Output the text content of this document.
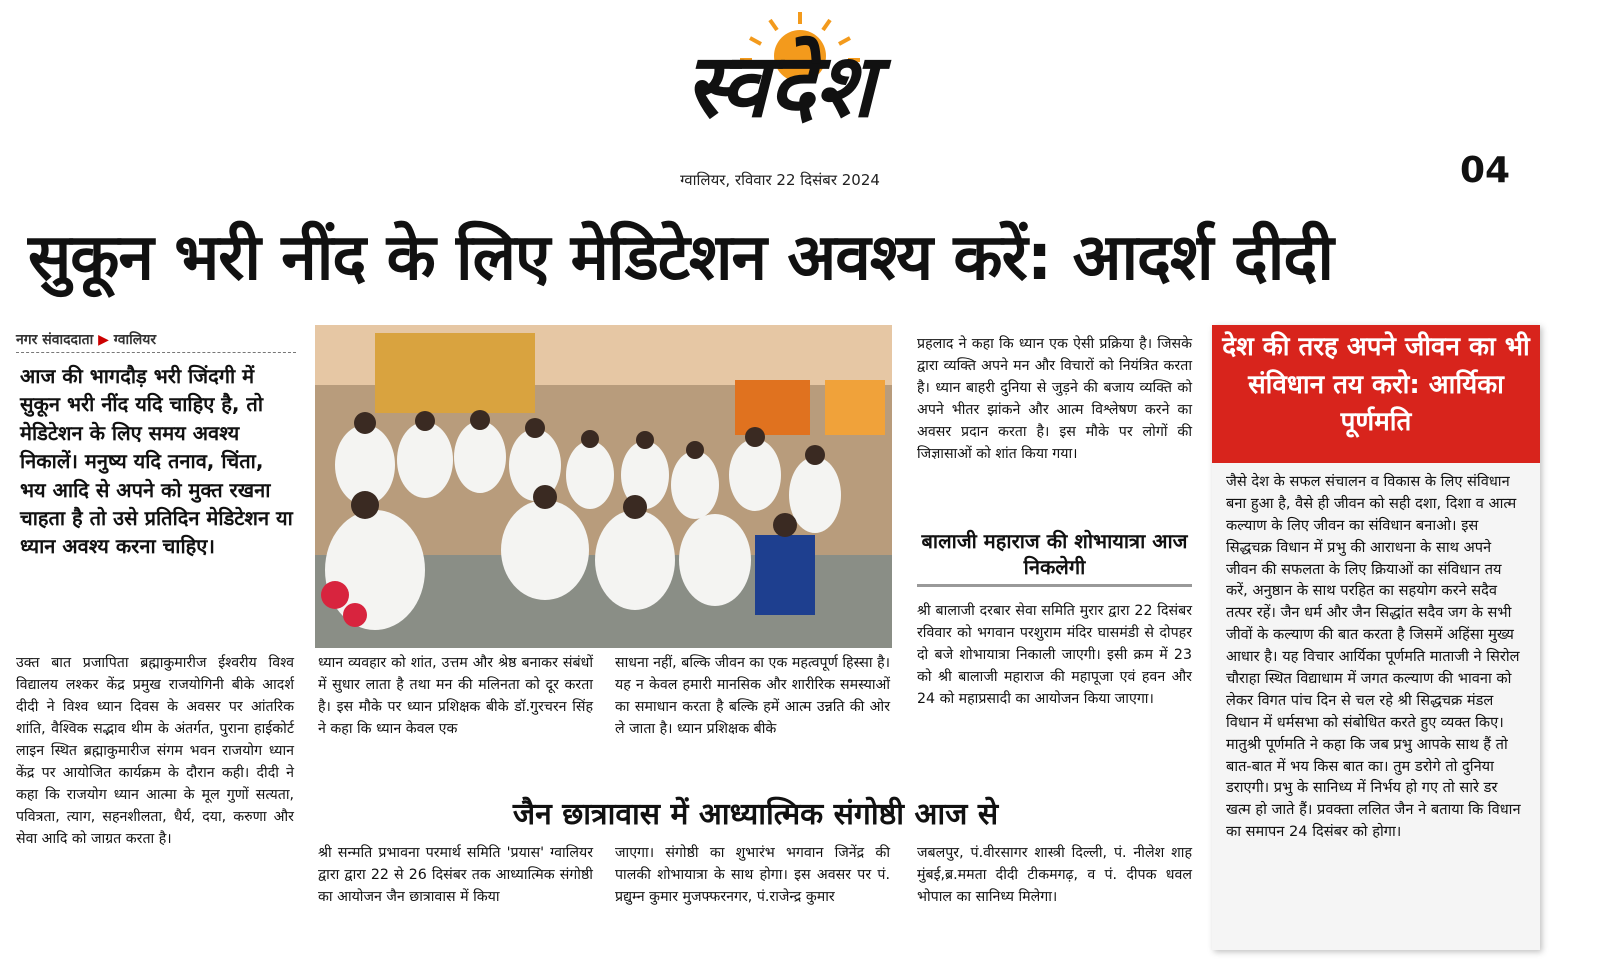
स्वदेश
ग्वालियर, रविवार 22 दिसंबर 2024	04
सुकून भरी नींद के लिए मेडिटेशन अवश्य करें: आदर्श दीदी
नगर संवाददाता ▶ ग्वालियर
आज की भागदौड़ भरी जिंदगी में सुकून भरी नींद यदि चाहिए है, तो मेडिटेशन के लिए समय अवश्य निकालें। मनुष्य यदि तनाव, चिंता, भय आदि से अपने को मुक्त रखना चाहता है तो उसे प्रतिदिन मेडिटेशन या ध्यान अवश्य करना चाहिए।
उक्त बात प्रजापिता ब्रह्माकुमारीज ईश्वरीय विश्व विद्यालय लश्कर केंद्र प्रमुख राजयोगिनी बीके आदर्श दीदी ने विश्व ध्यान दिवस के अवसर पर आंतरिक शांति, वैश्विक सद्भाव थीम के अंतर्गत, पुराना हाईकोर्ट लाइन स्थित ब्रह्माकुमारीज संगम भवन राजयोग ध्यान केंद्र पर आयोजित कार्यक्रम के दौरान कही। दीदी ने कहा कि राजयोग ध्यान आत्मा के मूल गुणों सत्यता, पवित्रता, त्याग, सहनशीलता, धैर्य, दया, करुणा और सेवा आदि को जाग्रत करता है।
ध्यान व्यवहार को शांत, उत्तम और श्रेष्ठ बनाकर संबंधों में सुधार लाता है तथा मन की मलिनता को दूर करता है। इस मौके पर ध्यान प्रशिक्षक बीके डॉ.गुरचरन सिंह ने कहा कि ध्यान केवल एक
साधना नहीं, बल्कि जीवन का एक महत्वपूर्ण हिस्सा है। यह न केवल हमारी मानसिक और शारीरिक समस्याओं का समाधान करता है बल्कि हमें आत्म उन्नति की ओर ले जाता है। ध्यान प्रशिक्षक बीके
प्रहलाद ने कहा कि ध्यान एक ऐसी प्रक्रिया है। जिसके द्वारा व्यक्ति अपने मन और विचारों को नियंत्रित करता है। ध्यान बाहरी दुनिया से जुड़ने की बजाय व्यक्ति को अपने भीतर झांकने और आत्म विश्लेषण करने का अवसर प्रदान करता है। इस मौके पर लोगों की जिज्ञासाओं को शांत किया गया।
बालाजी महाराज की शोभायात्रा आज निकलेगी
श्री बालाजी दरबार सेवा समिति मुरार द्वारा 22 दिसंबर रविवार को भगवान परशुराम मंदिर घासमंडी से दोपहर दो बजे शोभायात्रा निकाली जाएगी। इसी क्रम में 23 को श्री बालाजी महाराज की महापूजा एवं हवन और 24 को महाप्रसादी का आयोजन किया जाएगा।
जैन छात्रावास में आध्यात्मिक संगोष्ठी आज से
श्री सन्मति प्रभावना परमार्थ समिति 'प्रयास' ग्वालियर द्वारा द्वारा 22 से 26 दिसंबर तक आध्यात्मिक संगोष्ठी का आयोजन जैन छात्रावास में किया
जाएगा। संगोष्ठी का शुभारंभ भगवान जिनेंद्र की पालकी शोभायात्रा के साथ होगा। इस अवसर पर पं. प्रद्युम्न कुमार मुजफ्फरनगर, पं.राजेन्द्र कुमार
जबलपुर, पं.वीरसागर शास्त्री दिल्ली, पं. नीलेश शाह मुंबई,ब्र.ममता दीदी टीकमगढ़, व पं. दीपक धवल भोपाल का सानिध्य मिलेगा।
देश की तरह अपने जीवन का भी संविधान तय करो: आर्यिका पूर्णमति
जैसे देश के सफल संचालन व विकास के लिए संविधान बना हुआ है, वैसे ही जीवन को सही दशा, दिशा व आत्म कल्याण के लिए जीवन का संविधान बनाओ। इस सिद्धचक्र विधान में प्रभु की आराधना के साथ अपने जीवन की सफलता के लिए क्रियाओं का संविधान तय करें, अनुष्ठान के साथ परहित का सहयोग करने सदैव तत्पर रहें। जैन धर्म और जैन सिद्धांत सदैव जग के सभी जीवों के कल्याण की बात करता है जिसमें अहिंसा मुख्य आधार है। यह विचार आर्यिका पूर्णमति माताजी ने सिरोल चौराहा स्थित विद्याधाम में जगत कल्याण की भावना को लेकर विगत पांच दिन से चल रहे श्री सिद्धचक्र मंडल विधान में धर्मसभा को संबोधित करते हुए व्यक्त किए। मातुश्री पूर्णमति ने कहा कि जब प्रभु आपके साथ हैं तो बात-बात में भय किस बात का। तुम डरोगे तो दुनिया डराएगी। प्रभु के सानिध्य में निर्भय हो गए तो सारे डर खत्म हो जाते हैं। प्रवक्ता ललित जैन ने बताया कि विधान का समापन 24 दिसंबर को होगा।
